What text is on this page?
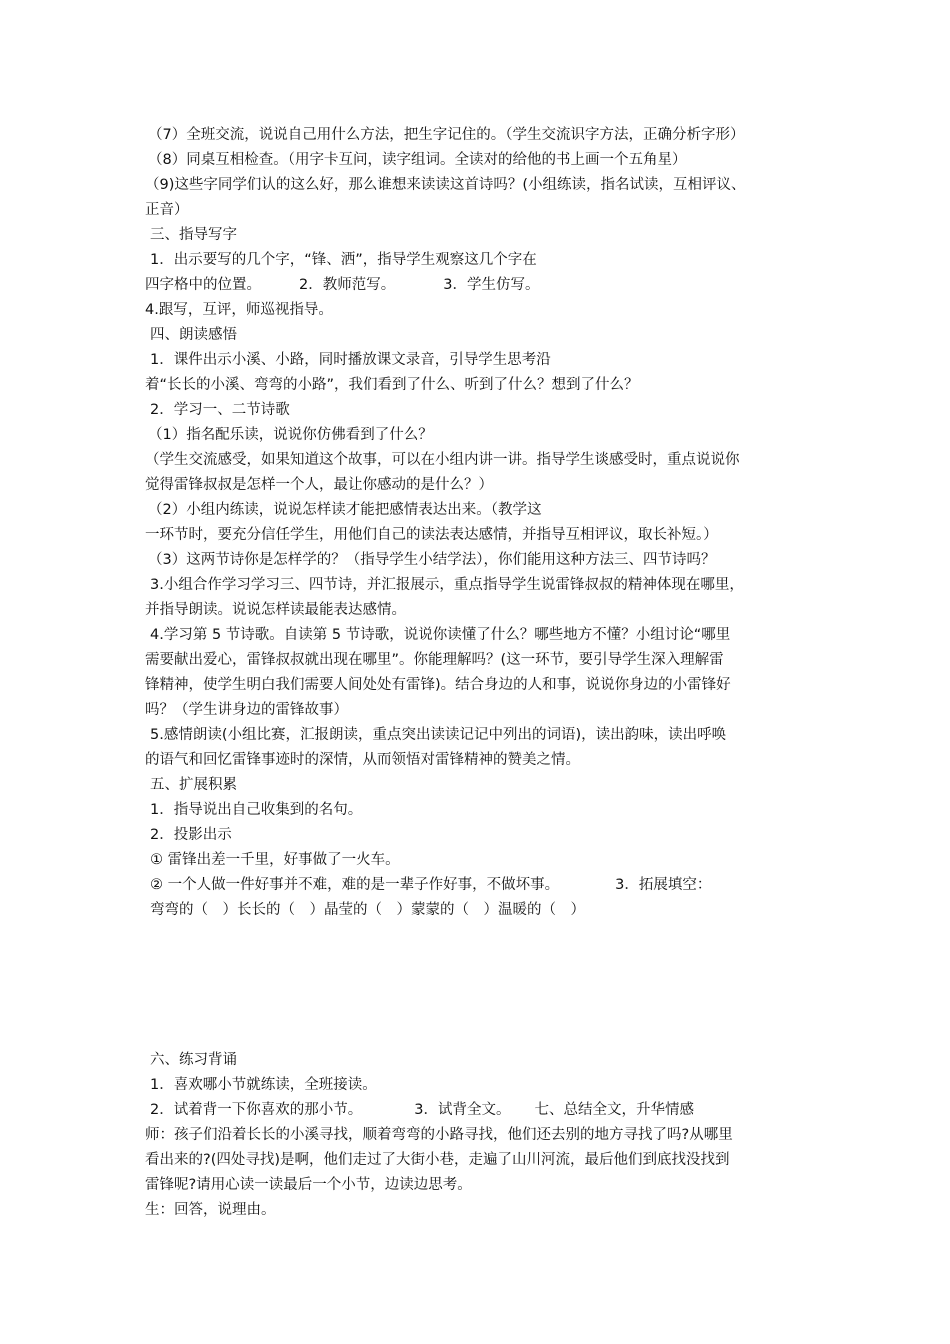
（7）全班交流，说说自己用什么方法，把生字记住的。（学生交流识字方法，正确分析字形）
（8）同桌互相检查。（用字卡互问，读字组词。全读对的给他的书上画一个五角星）
（9)这些字同学们认的这么好，那么谁想来读读这首诗吗？(小组练读，指名试读，互相评议、
正音）
三、指导写字
1．出示要写的几个字，“锋、洒”，指导学生观察这几个字在
四字格中的位置。	2．教师范写。	3．学生仿写。
4.跟写，互评，师巡视指导。
四、朗读感悟
1．课件出示小溪、小路，同时播放课文录音，引导学生思考沿
着“长长的小溪、弯弯的小路”，我们看到了什么、听到了什么？想到了什么？
2．学习一、二节诗歌
（1）指名配乐读，说说你仿佛看到了什么？
（学生交流感受，如果知道这个故事，可以在小组内讲一讲。指导学生谈感受时，重点说说你
觉得雷锋叔叔是怎样一个人，最让你感动的是什么？）
（2）小组内练读，说说怎样读才能把感情表达出来。（教学这
一环节时，要充分信任学生，用他们自己的读法表达感情，并指导互相评议，取长补短。）
（3）这两节诗你是怎样学的？（指导学生小结学法），你们能用这种方法三、四节诗吗？
3.小组合作学习学习三、四节诗，并汇报展示，重点指导学生说雷锋叔叔的精神体现在哪里，
并指导朗读。说说怎样读最能表达感情。
4.学习第 5 节诗歌。自读第 5 节诗歌，说说你读懂了什么？哪些地方不懂？小组讨论“哪里
需要献出爱心，雷锋叔叔就出现在哪里”。你能理解吗？(这一环节，要引导学生深入理解雷
锋精神，使学生明白我们需要人间处处有雷锋)。结合身边的人和事，说说你身边的小雷锋好
吗？（学生讲身边的雷锋故事）
5.感情朗读(小组比赛，汇报朗读，重点突出读读记记中列出的词语)，读出韵味，读出呼唤
的语气和回忆雷锋事迹时的深情，从而领悟对雷锋精神的赞美之情。
五、扩展积累
1．指导说出自己收集到的名句。
2．投影出示
① 雷锋出差一千里，好事做了一火车。
② 一个人做一件好事并不难，难的是一辈子作好事，不做坏事。	3．拓展填空：
弯弯的（　）长长的（　）晶莹的（　）蒙蒙的（　）温暖的（　）
六、练习背诵
1．喜欢哪小节就练读，全班接读。
2．试着背一下你喜欢的那小节。	3．试背全文。 七、总结全文，升华情感
师：孩子们沿着长长的小溪寻找，顺着弯弯的小路寻找，他们还去别的地方寻找了吗?从哪里
看出来的?(四处寻找)是啊，他们走过了大街小巷，走遍了山川河流，最后他们到底找没找到
雷锋呢?请用心读一读最后一个小节，边读边思考。
生：回答，说理由。
